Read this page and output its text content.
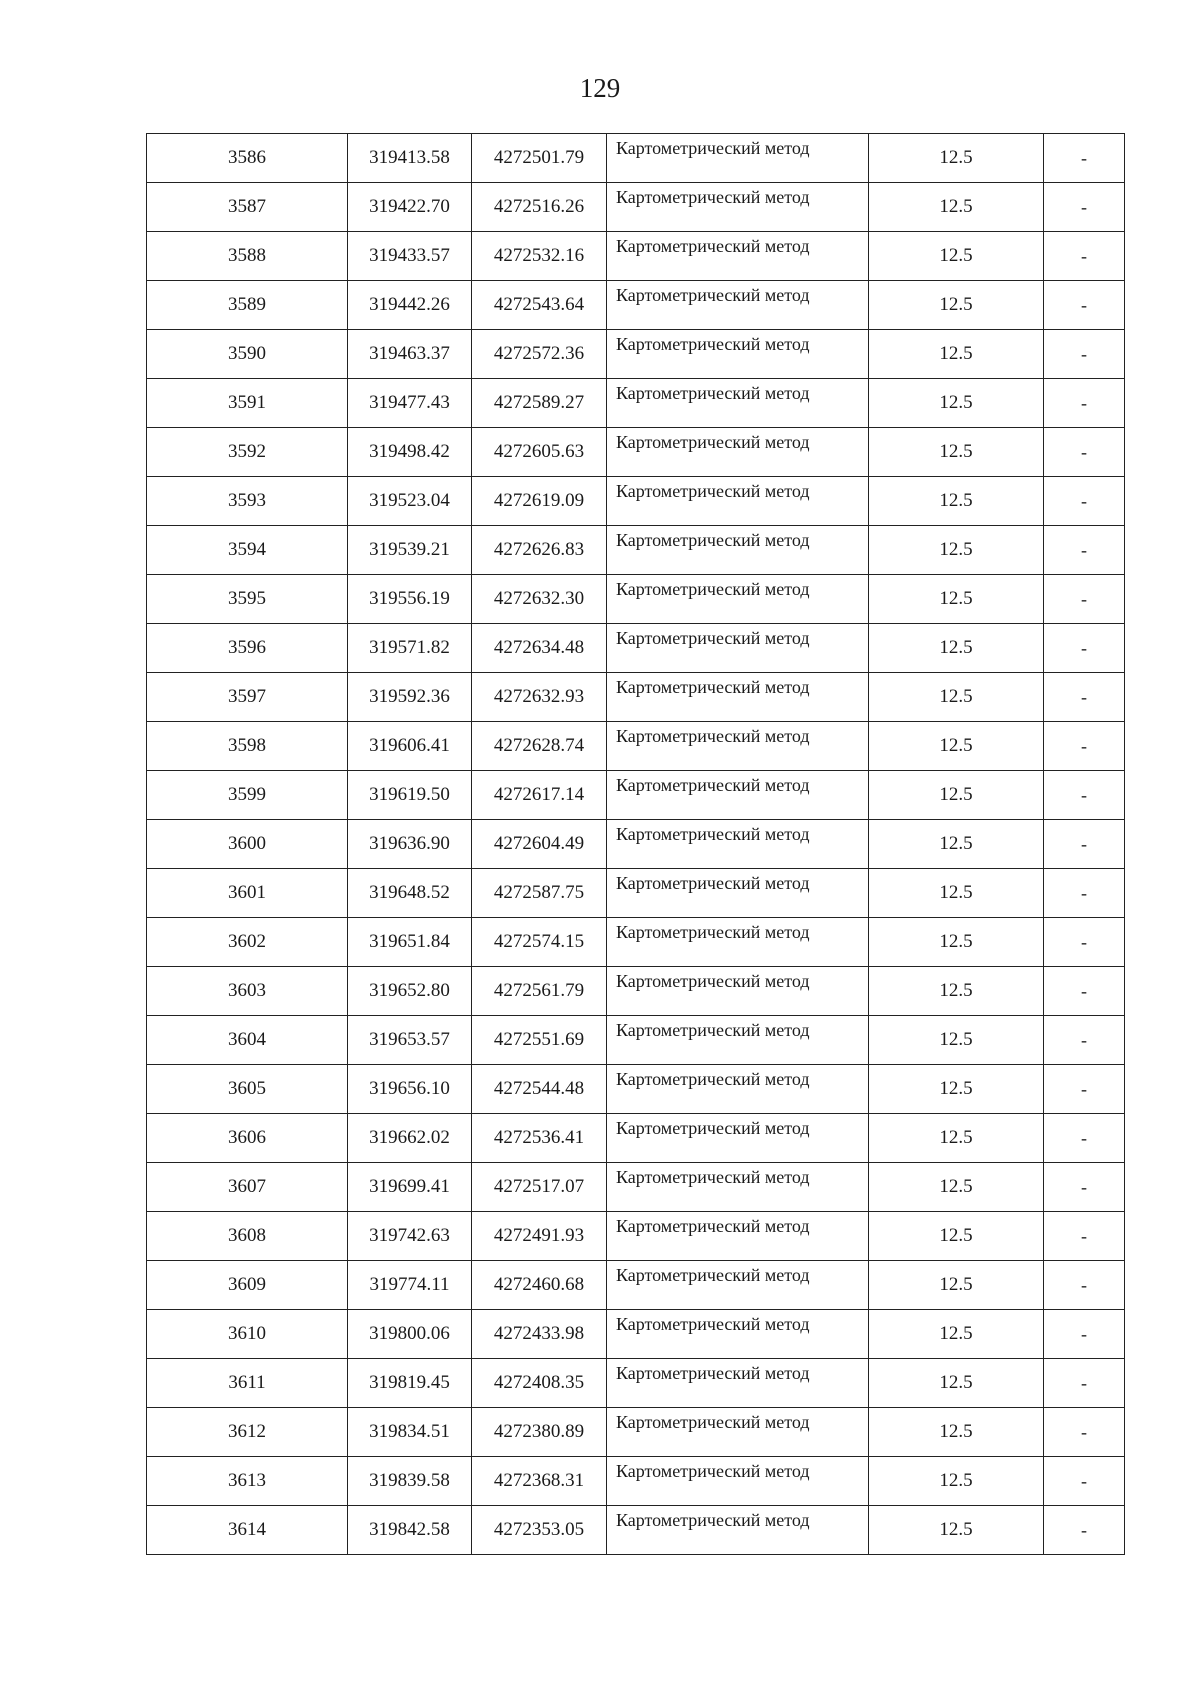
129
3586	319413.58	4272501.79	Картометрический метод	12.5	-
3587	319422.70	4272516.26	Картометрический метод	12.5	-
3588	319433.57	4272532.16	Картометрический метод	12.5	-
3589	319442.26	4272543.64	Картометрический метод	12.5	-
3590	319463.37	4272572.36	Картометрический метод	12.5	-
3591	319477.43	4272589.27	Картометрический метод	12.5	-
3592	319498.42	4272605.63	Картометрический метод	12.5	-
3593	319523.04	4272619.09	Картометрический метод	12.5	-
3594	319539.21	4272626.83	Картометрический метод	12.5	-
3595	319556.19	4272632.30	Картометрический метод	12.5	-
3596	319571.82	4272634.48	Картометрический метод	12.5	-
3597	319592.36	4272632.93	Картометрический метод	12.5	-
3598	319606.41	4272628.74	Картометрический метод	12.5	-
3599	319619.50	4272617.14	Картометрический метод	12.5	-
3600	319636.90	4272604.49	Картометрический метод	12.5	-
3601	319648.52	4272587.75	Картометрический метод	12.5	-
3602	319651.84	4272574.15	Картометрический метод	12.5	-
3603	319652.80	4272561.79	Картометрический метод	12.5	-
3604	319653.57	4272551.69	Картометрический метод	12.5	-
3605	319656.10	4272544.48	Картометрический метод	12.5	-
3606	319662.02	4272536.41	Картометрический метод	12.5	-
3607	319699.41	4272517.07	Картометрический метод	12.5	-
3608	319742.63	4272491.93	Картометрический метод	12.5	-
3609	319774.11	4272460.68	Картометрический метод	12.5	-
3610	319800.06	4272433.98	Картометрический метод	12.5	-
3611	319819.45	4272408.35	Картометрический метод	12.5	-
3612	319834.51	4272380.89	Картометрический метод	12.5	-
3613	319839.58	4272368.31	Картометрический метод	12.5	-
3614	319842.58	4272353.05	Картометрический метод	12.5	-
